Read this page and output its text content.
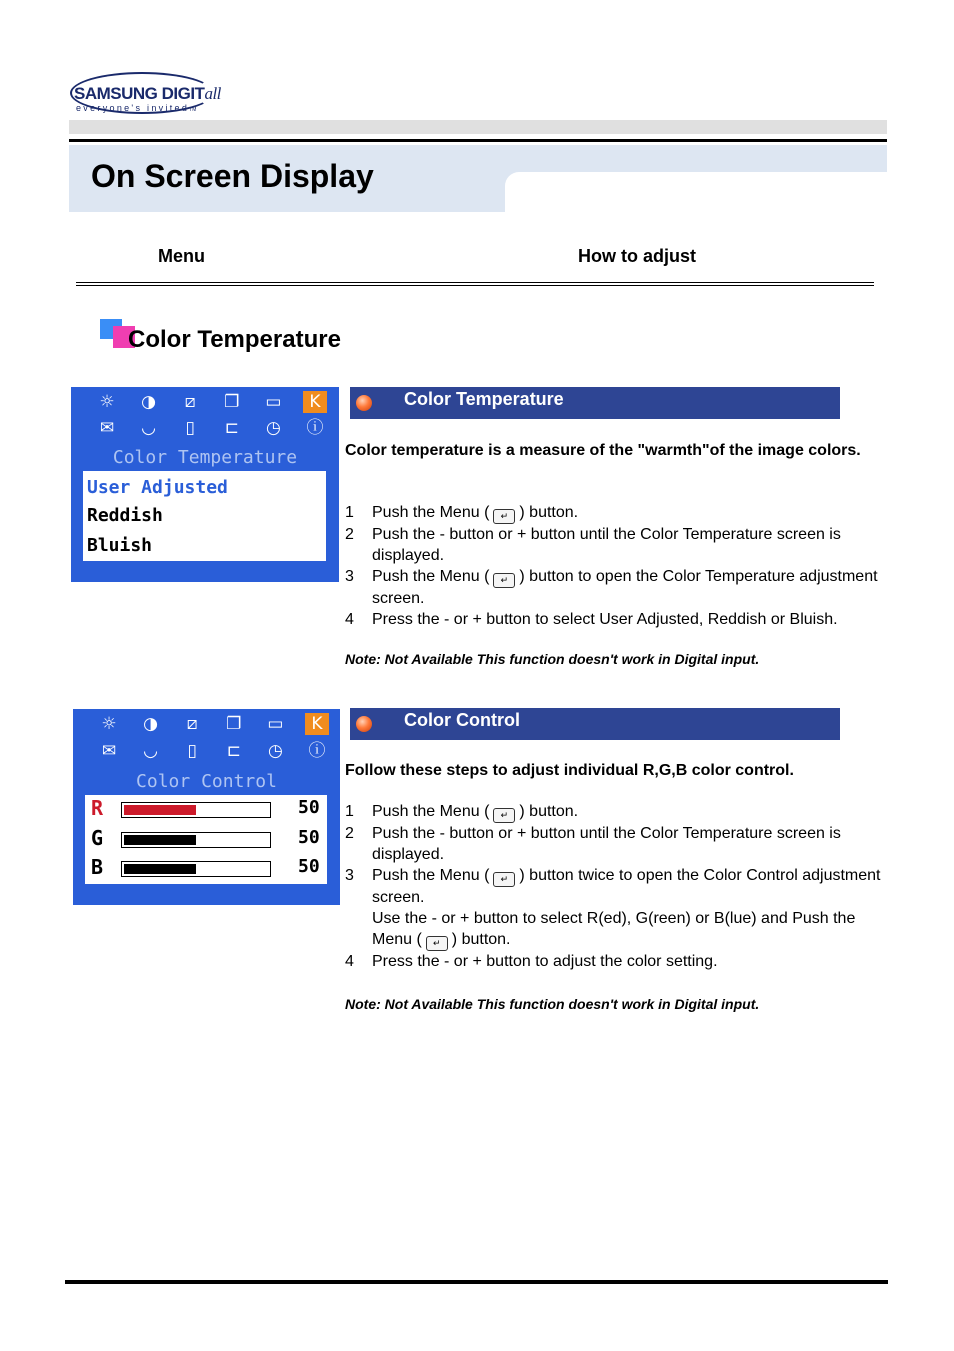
SAMSUNG DIGITall
everyone's invitedTM
On Screen Display
Menu	How to adjust
Color Temperature
☼ ◑	⧄	❐ ▭	K
✉ ◡	▯	⊏ ◷ ⓘ
Color Temperature
User Adjusted
Reddish
Bluish
Color Temperature
Color temperature is a measure of the "warmth"of the image colors.
1 Push the Menu ( ↵ ) button.
2 Push the - button or + button until the Color Temperature screen is displayed.
3 Push the Menu ( ↵ ) button to open the Color Temperature adjustment screen.
4 Press the - or + button to select User Adjusted, Reddish or Bluish.
Note: Not Available This function doesn't work in Digital input.
☼ ◑	⧄	❐ ▭	K
✉ ◡	▯	⊏ ◷ ⓘ
Color Control
R	50
G	50
B	50
Color Control
Follow these steps to adjust individual R,G,B color control.
1 Push the Menu ( ↵ ) button.
2 Push the - button or + button until the Color Temperature screen is displayed.
3 Push the Menu ( ↵ ) button twice to open the Color Control adjustment screen.
Use the - or + button to select R(ed), G(reen) or B(lue) and Push the Menu ( ↵ ) button.
4 Press the - or + button to adjust the color setting.
Note: Not Available This function doesn't work in Digital input.
